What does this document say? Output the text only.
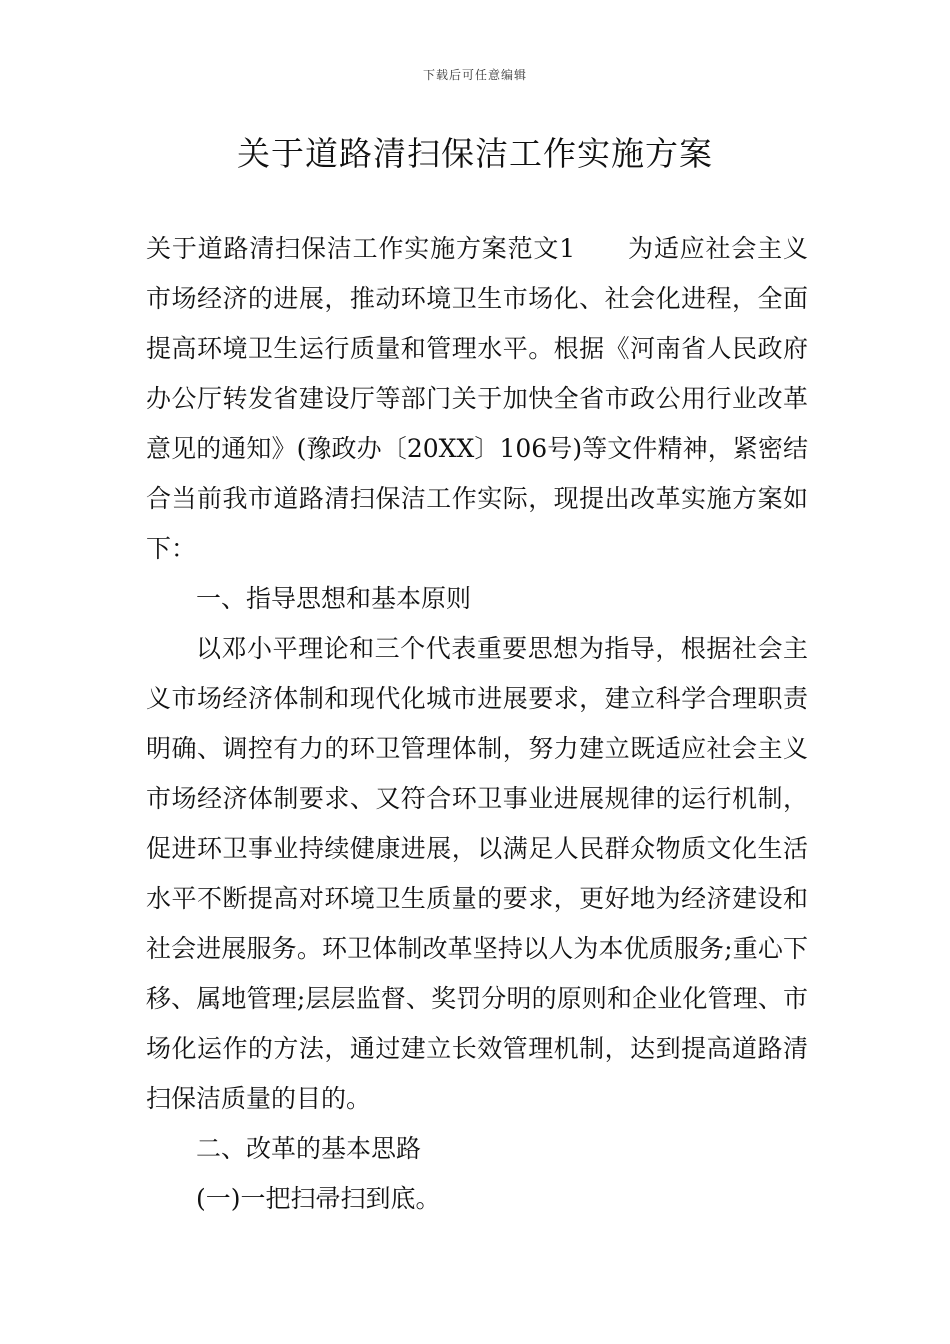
下载后可任意编辑
关于道路清扫保洁工作实施方案

关于道路清扫保洁工作实施方案范文1 为适应社会主义市场经济的进展，推动环境卫生市场化、社会化进程，全面提高环境卫生运行质量和管理水平。根据《河南省人民政府办公厅转发省建设厅等部门关于加快全省市政公用行业改革意见的通知》(豫政办〔20XX〕106号)等文件精神，紧密结合当前我市道路清扫保洁工作实际，现提出改革实施方案如下：

一、指导思想和基本原则

以邓小平理论和三个代表重要思想为指导，根据社会主义市场经济体制和现代化城市进展要求，建立科学合理职责明确、调控有力的环卫管理体制，努力建立既适应社会主义市场经济体制要求、又符合环卫事业进展规律的运行机制，促进环卫事业持续健康进展，以满足人民群众物质文化生活水平不断提高对环境卫生质量的要求，更好地为经济建设和社会进展服务。环卫体制改革坚持以人为本优质服务;重心下移、属地管理;层层监督、奖罚分明的原则和企业化管理、市场化运作的方法，通过建立长效管理机制，达到提高道路清扫保洁质量的目的。

二、改革的基本思路

(一)一把扫帚扫到底。
